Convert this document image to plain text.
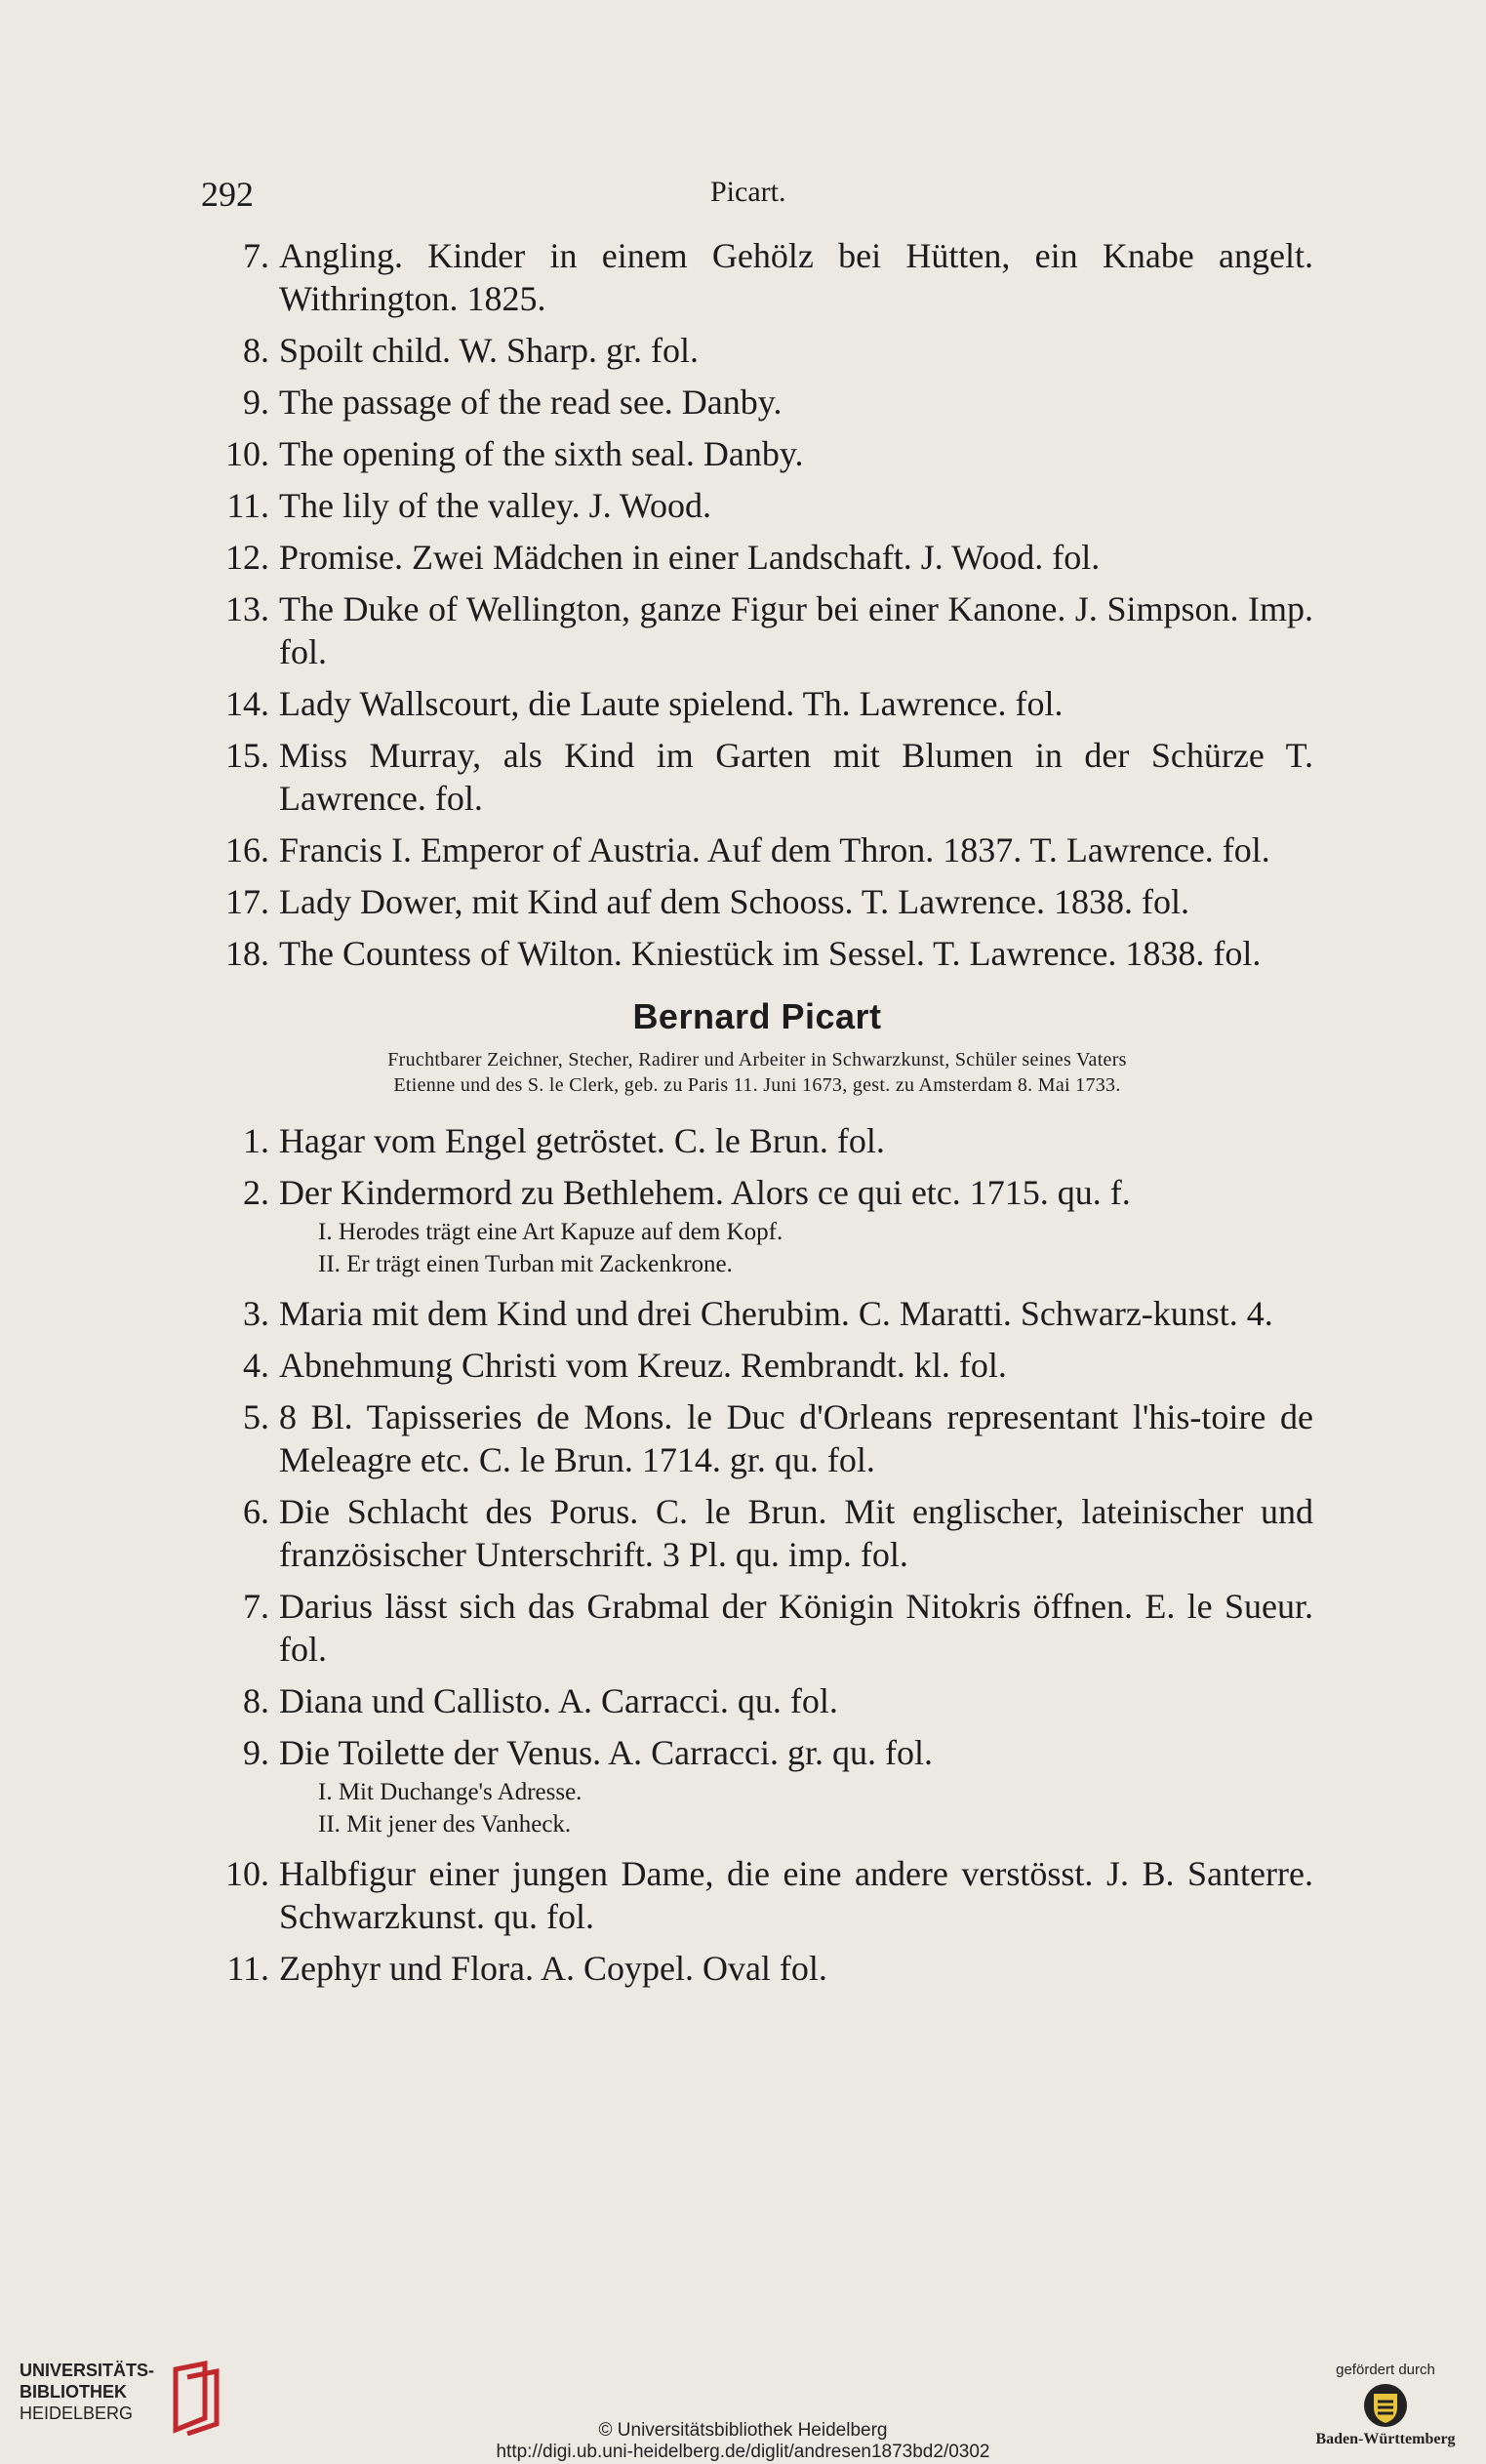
292	Picart.
7. Angling. Kinder in einem Gehölz bei Hütten, ein Knabe angelt. Withrington. 1825.
8. Spoilt child. W. Sharp. gr. fol.
9. The passage of the read see. Danby.
10. The opening of the sixth seal. Danby.
11. The lily of the valley. J. Wood.
12. Promise. Zwei Mädchen in einer Landschaft. J. Wood. fol.
13. The Duke of Wellington, ganze Figur bei einer Kanone. J. Simpson. Imp. fol.
14. Lady Wallscourt, die Laute spielend. Th. Lawrence. fol.
15. Miss Murray, als Kind im Garten mit Blumen in der Schürze T. Lawrence. fol.
16. Francis I. Emperor of Austria. Auf dem Thron. 1837. T. Lawrence. fol.
17. Lady Dower, mit Kind auf dem Schooss. T. Lawrence. 1838. fol.
18. The Countess of Wilton. Kniestück im Sessel. T. Lawrence. 1838. fol.
Bernard Picart
Fruchtbarer Zeichner, Stecher, Radirer und Arbeiter in Schwarzkunst, Schüler seines Vaters
Etienne und des S. le Clerk, geb. zu Paris 11. Juni 1673, gest. zu Amsterdam 8. Mai 1733.
1. Hagar vom Engel getröstet. C. le Brun. fol.
2. Der Kindermord zu Bethlehem. Alors ce qui etc. 1715. qu. f.
I. Herodes trägt eine Art Kapuze auf dem Kopf.
II. Er trägt einen Turban mit Zackenkrone.
3. Maria mit dem Kind und drei Cherubim. C. Maratti. Schwarz-kunst. 4.
4. Abnehmung Christi vom Kreuz. Rembrandt. kl. fol.
5. 8 Bl. Tapisseries de Mons. le Duc d'Orleans representant l'his-toire de Meleagre etc. C. le Brun. 1714. gr. qu. fol.
6. Die Schlacht des Porus. C. le Brun. Mit englischer, lateinischer und französischer Unterschrift. 3 Pl. qu. imp. fol.
7. Darius lässt sich das Grabmal der Königin Nitokris öffnen. E. le Sueur. fol.
8. Diana und Callisto. A. Carracci. qu. fol.
9. Die Toilette der Venus. A. Carracci. gr. qu. fol.
I. Mit Duchange's Adresse.
II. Mit jener des Vanheck.
10. Halbfigur einer jungen Dame, die eine andere verstösst. J. B. Santerre. Schwarzkunst. qu. fol.
11. Zephyr und Flora. A. Coypel. Oval fol.
UNIVERSITÄTS-
BIBLIOTHEK
HEIDELBERG
© Universitätsbibliothek Heidelberg
http://digi.ub.uni-heidelberg.de/diglit/andresen1873bd2/0302
gefördert durch
Baden-Württemberg
